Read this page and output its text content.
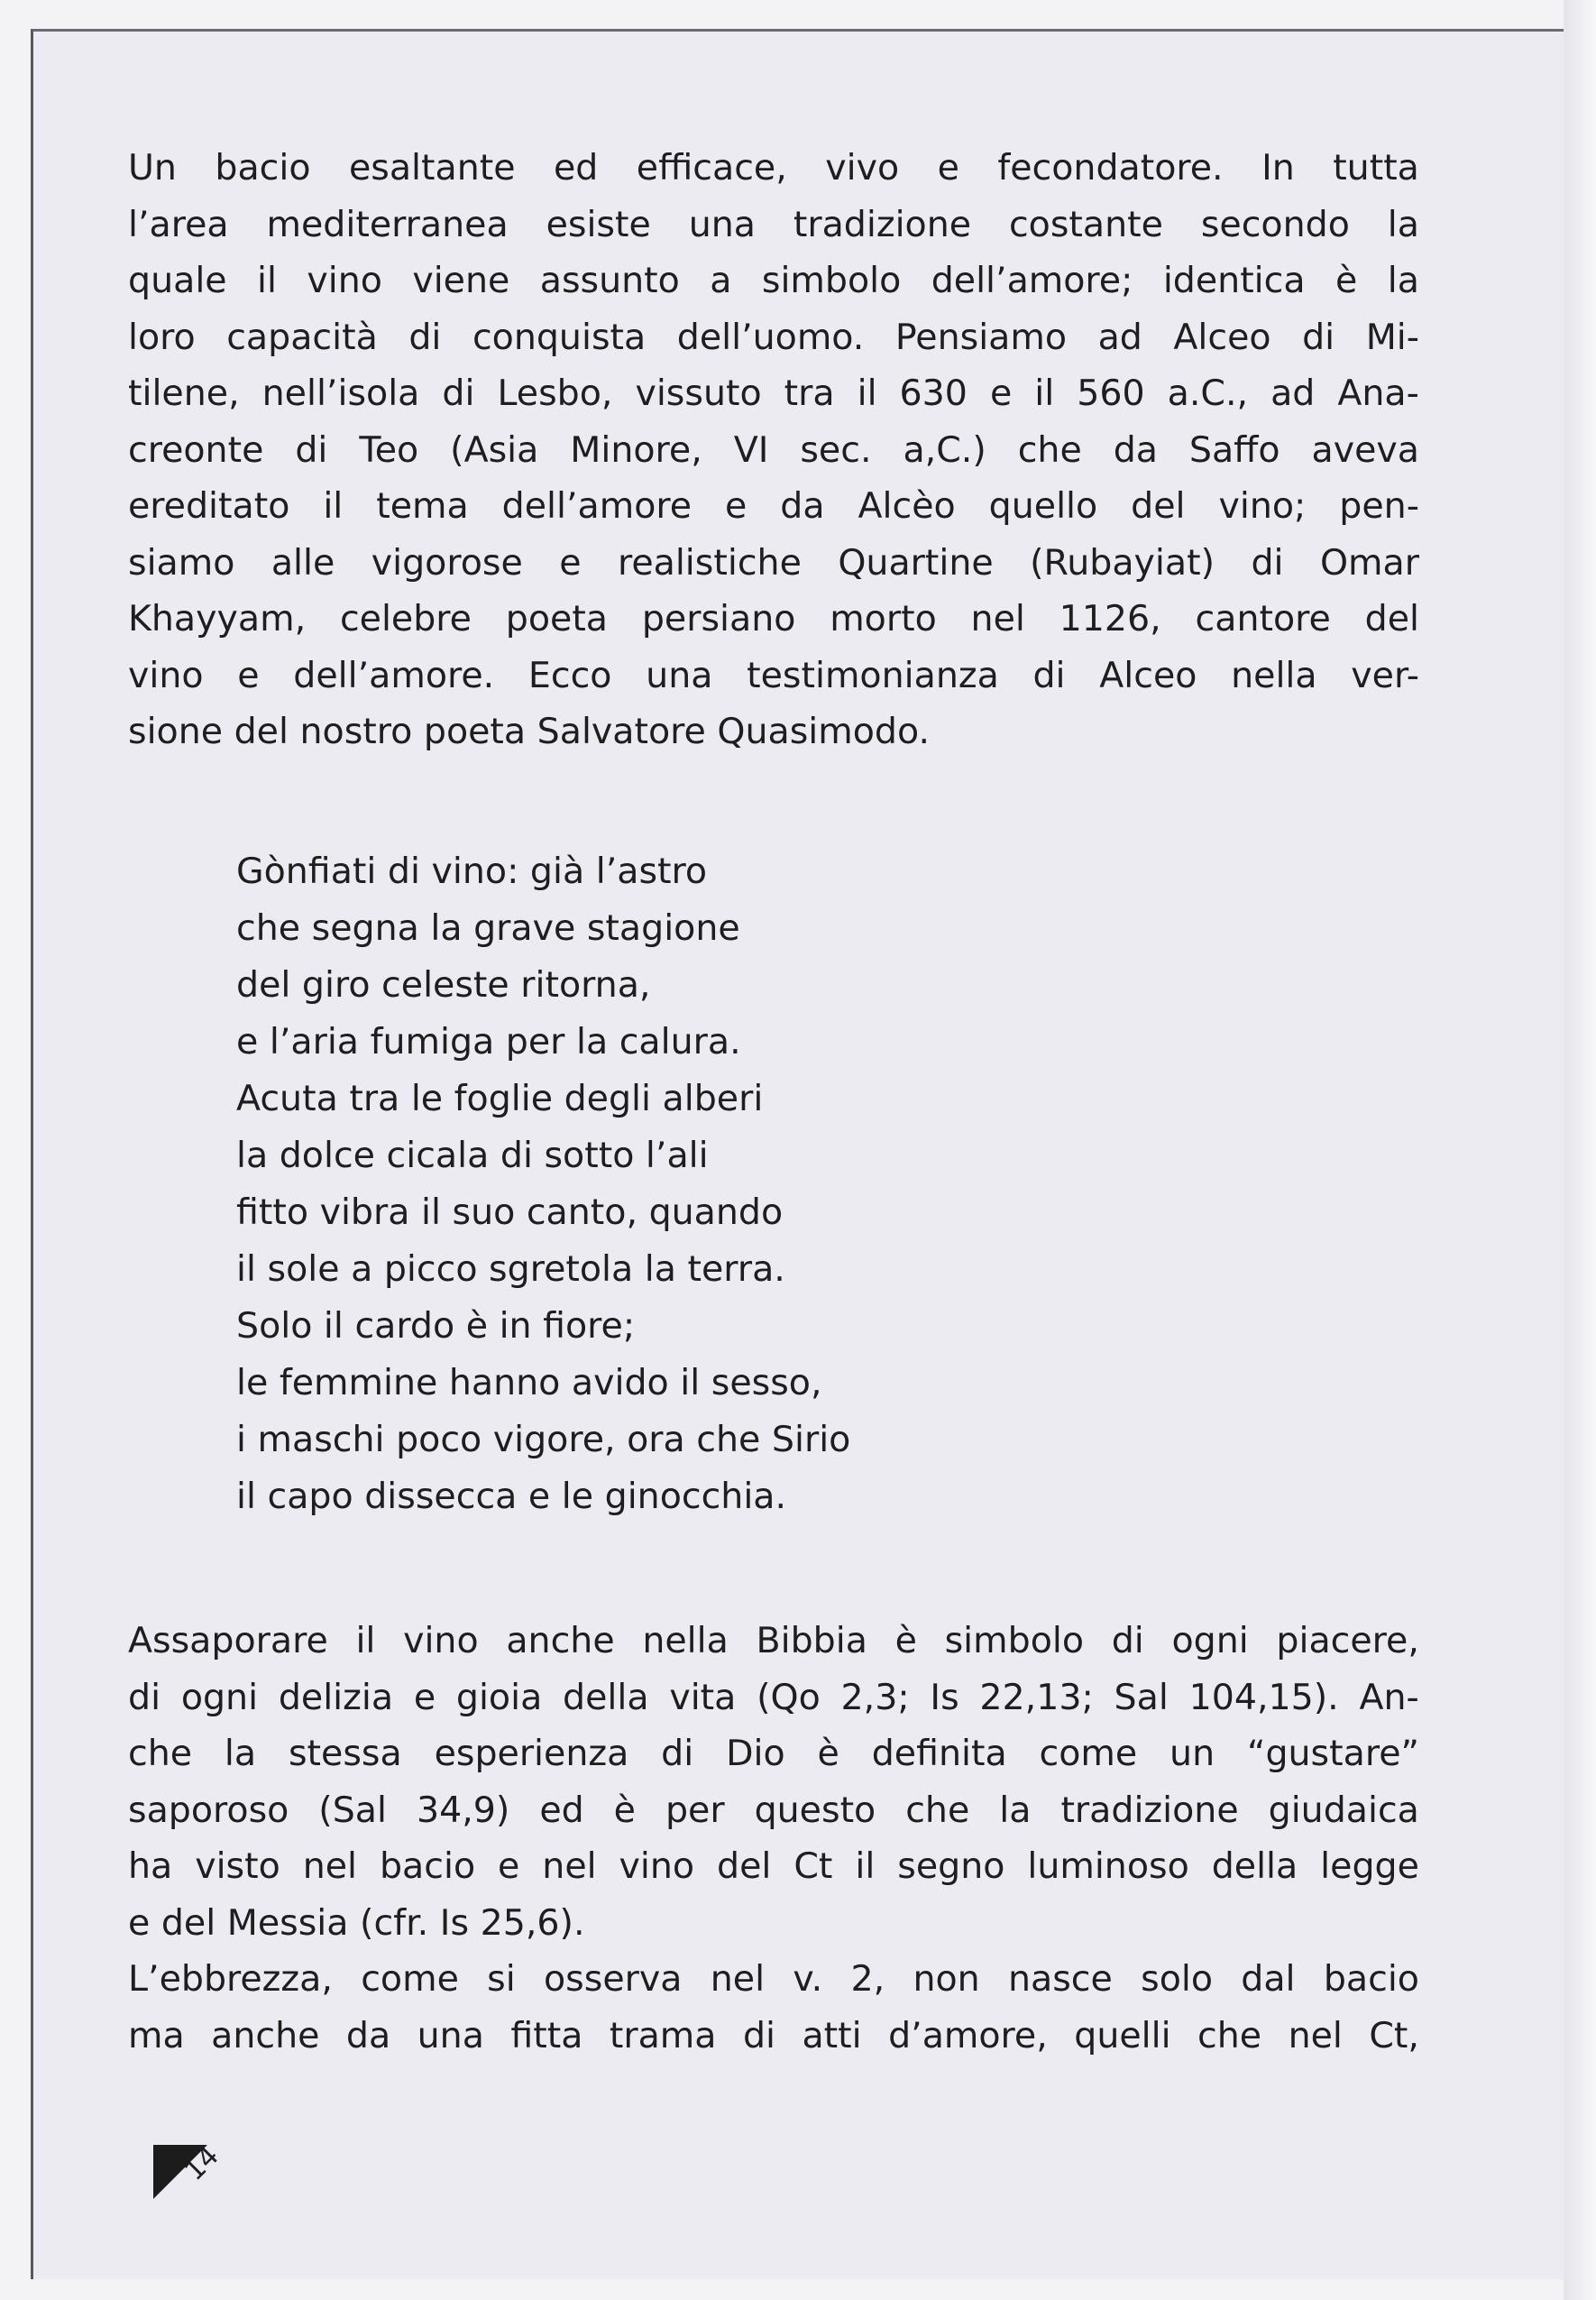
Un bacio esaltante ed efficace, vivo e fecondatore. In tutta
l’area mediterranea esiste una tradizione costante secondo la
quale il vino viene assunto a simbolo dell’amore; identica è la
loro capacità di conquista dell’uomo. Pensiamo ad Alceo di Mi-
tilene, nell’isola di Lesbo, vissuto tra il 630 e il 560 a.C., ad Ana-
creonte di Teo (Asia Minore, VI sec. a,C.) che da Saffo aveva
ereditato il tema dell’amore e da Alcèo quello del vino; pen-
siamo alle vigorose e realistiche Quartine (Rubayiat) di Omar
Khayyam, celebre poeta persiano morto nel 1126, cantore del
vino e dell’amore. Ecco una testimonianza di Alceo nella ver-
sione del nostro poeta Salvatore Quasimodo.
Gònfiati di vino: già l’astro
che segna la grave stagione
del giro celeste ritorna,
e l’aria fumiga per la calura.
Acuta tra le foglie degli alberi
la dolce cicala di sotto l’ali
fitto vibra il suo canto, quando
il sole a picco sgretola la terra.
Solo il cardo è in fiore;
le femmine hanno avido il sesso,
i maschi poco vigore, ora che Sirio
il capo dissecca e le ginocchia.
Assaporare il vino anche nella Bibbia è simbolo di ogni piacere,
di ogni delizia e gioia della vita (Qo 2,3; Is 22,13; Sal 104,15). An-
che la stessa esperienza di Dio è definita come un “gustare”
saporoso (Sal 34,9) ed è per questo che la tradizione giudaica
ha visto nel bacio e nel vino del Ct il segno luminoso della legge
e del Messia (cfr. Is 25,6).
L’ebbrezza, come si osserva nel v. 2, non nasce solo dal bacio
ma anche da una fitta trama di atti d’amore, quelli che nel Ct,
14
